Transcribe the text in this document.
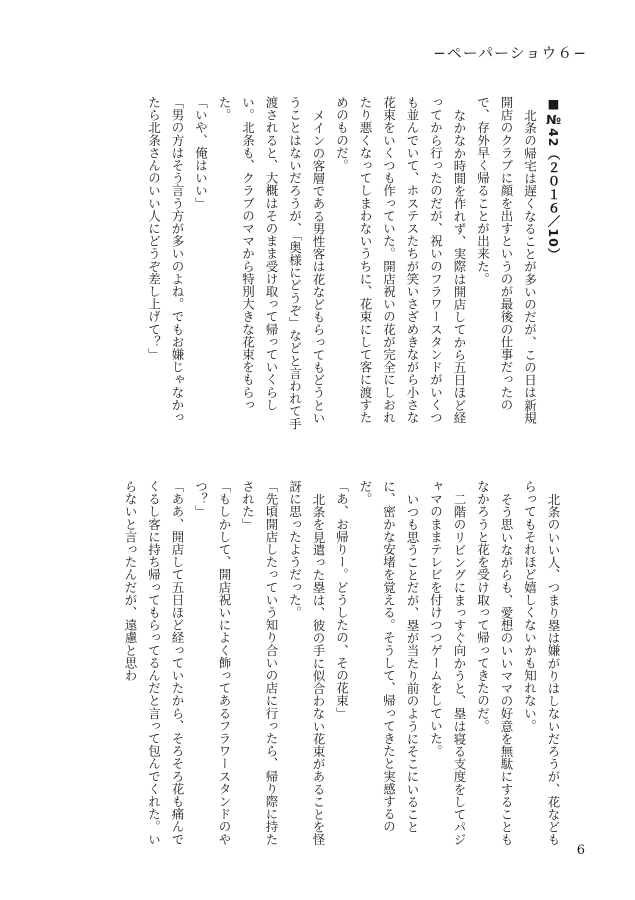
−ペーパーショウ６−

■№42（２０１６／10）

北条の帰宅は遅くなることが多いのだが、この日は新規開店のクラブに顔を出すというのが最後の仕事だったので、存外早く帰ることが出来た。

なかなか時間を作れず、実際は開店してから五日ほど経ってから行ったのだが、祝いのフラワースタンドがいくつも並んでいて、ホステスたちが笑いさざめきながら小さな花束をいくつも作っていた。開店祝いの花が完全にしおれたり悪くなってしまわないうちに、花束にして客に渡すためのものだ。

メインの客層である男性客は花などもらってもどうということはないだろうが、「奥様にどうぞ」などと言われて手渡されると、大概はそのまま受け取って帰っていくらしい。北条も、クラブのママから特別大きな花束をもらった。

「いや、俺はいい」

「男の方はそう言う方が多いのよね。でもお嫌じゃなかったら北条さんのいい人にどうぞ差し上げて？」

北条のいい人、つまり塁は嫌がりはしないだろうが、花などもらってもそれほど嬉しくないかも知れない。

そう思いながらも、愛想のいいママの好意を無駄にすることもなかろうと花を受け取って帰ってきたのだ。

二階のリビングにまっすぐ向かうと、塁は寝る支度をしてパジャマのままテレビを付けつつゲームをしていた。

いつも思うことだが、塁が当たり前のようにそこにいることに、密かな安堵を覚える。そうして、帰ってきたと実感するのだ。

「あ、お帰りー。どうしたの、その花束」

北条を見遣った塁は、彼の手に似合わない花束があることを怪訝に思ったようだった。

「先頃開店したっていう知り合いの店に行ったら、帰り際に持たされた」

「もしかして、開店祝いによく飾ってあるフラワースタンドのやつ？」

「ああ、開店して五日ほど経っていたから、そろそろ花も痛んでくるし客に持ち帰ってもらってるんだと言って包んでくれた。いらないと言ったんだが、遠慮と思わ

6
